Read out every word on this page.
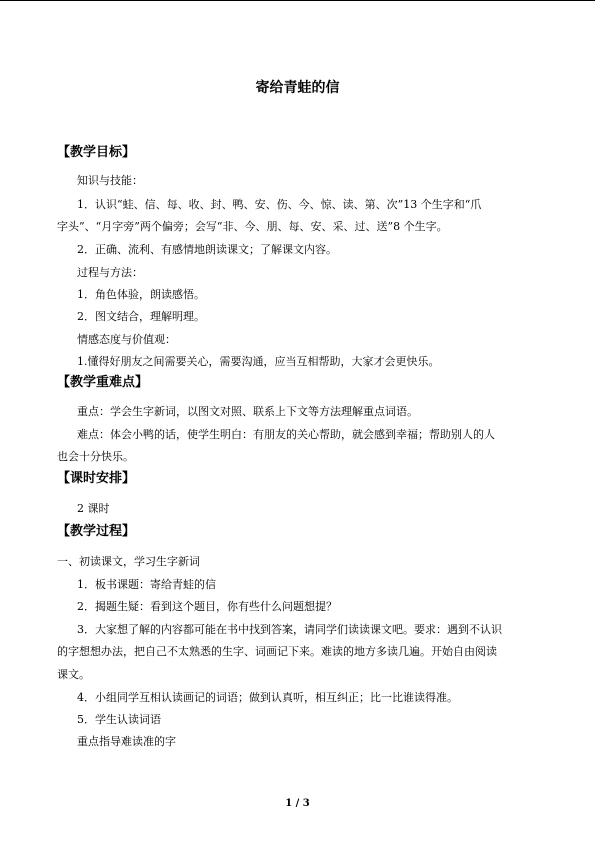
寄给青蛙的信
【教学目标】
知识与技能：
1．认识“蛙、信、每、收、封、鸭、安、伤、今、惊、读、第、次”13 个生字和“爪
字头”、“月字旁”两个偏旁；会写“非、今、朋、每、安、采、过、送”8 个生字。
2．正确、流利、有感情地朗读课文；了解课文内容。
过程与方法：
1．角色体验，朗读感悟。
2．图文结合，理解明理。
情感态度与价值观：
1.懂得好朋友之间需要关心，需要沟通，应当互相帮助，大家才会更快乐。
【教学重难点】
重点：学会生字新词，以图文对照、联系上下文等方法理解重点词语。
难点：体会小鸭的话，使学生明白：有朋友的关心帮助，就会感到幸福；帮助别人的人
也会十分快乐。
【课时安排】
2 课时
【教学过程】
一、初读课文，学习生字新词
1．板书课题：寄给青蛙的信
2．揭题生疑：看到这个题目，你有些什么问题想提？
3．大家想了解的内容都可能在书中找到答案，请同学们读读课文吧。要求：遇到不认识
的字想想办法，把自己不太熟悉的生字、词画记下来。难读的地方多读几遍。开始自由阅读
课文。
4．小组同学互相认读画记的词语；做到认真听，相互纠正；比一比谁读得准。
5．学生认读词语
重点指导难读准的字
1 / 3
